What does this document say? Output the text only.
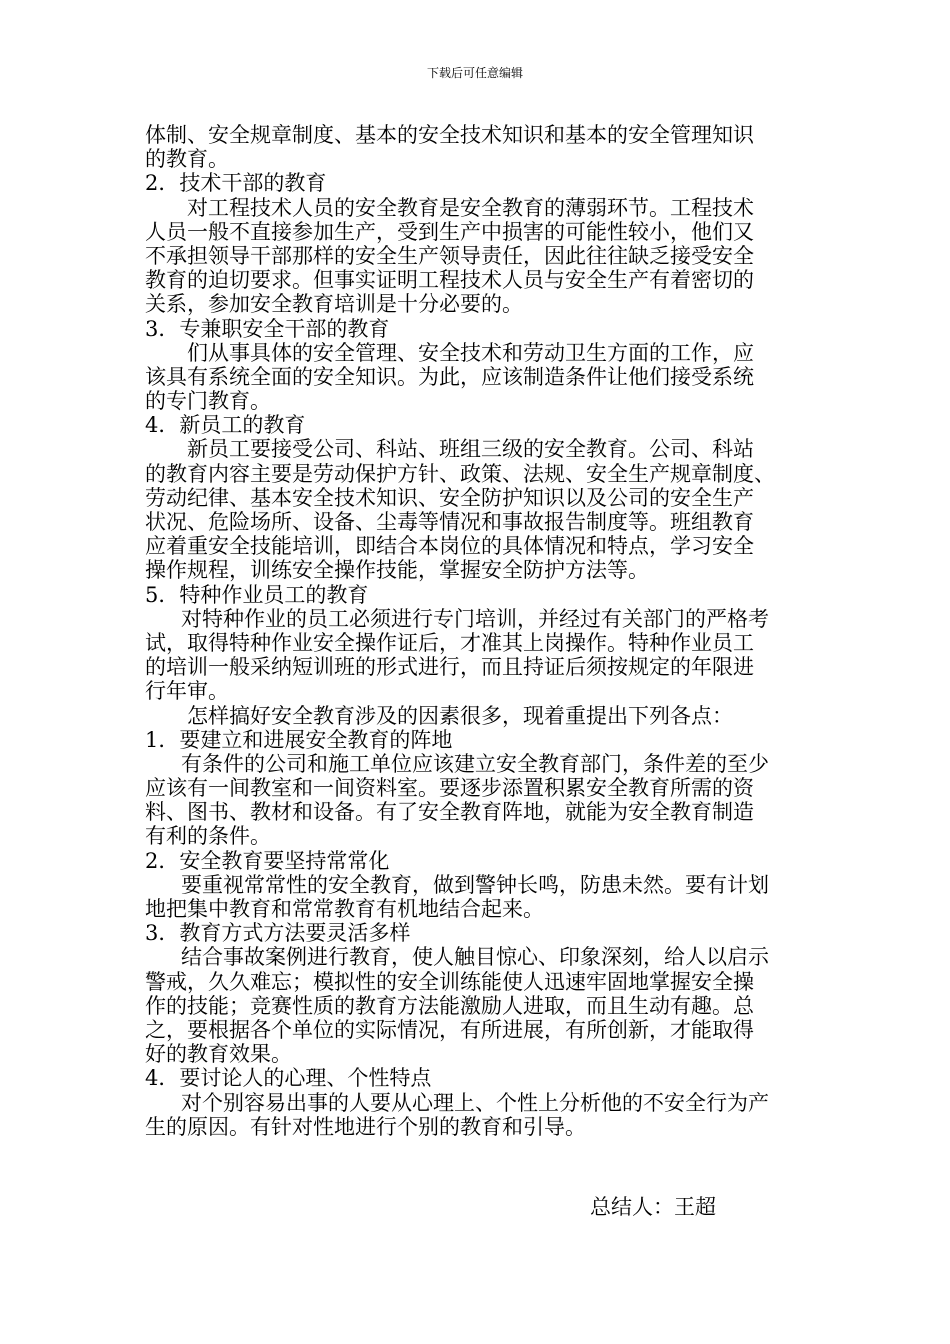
下载后可任意编辑
体制、安全规章制度、基本的安全技术知识和基本的安全管理知识
的教育。
2．技术干部的教育
对工程技术人员的安全教育是安全教育的薄弱环节。工程技术
人员一般不直接参加生产，受到生产中损害的可能性较小，他们又
不承担领导干部那样的安全生产领导责任，因此往往缺乏接受安全
教育的迫切要求。但事实证明工程技术人员与安全生产有着密切的
关系，参加安全教育培训是十分必要的。
3．专兼职安全干部的教育
们从事具体的安全管理、安全技术和劳动卫生方面的工作，应
该具有系统全面的安全知识。为此，应该制造条件让他们接受系统
的专门教育。
4．新员工的教育
新员工要接受公司、科站、班组三级的安全教育。公司、科站
的教育内容主要是劳动保护方针、政策、法规、安全生产规章制度、
劳动纪律、基本安全技术知识、安全防护知识以及公司的安全生产
状况、危险场所、设备、尘毒等情况和事故报告制度等。班组教育
应着重安全技能培训，即结合本岗位的具体情况和特点，学习安全
操作规程，训练安全操作技能，掌握安全防护方法等。
5．特种作业员工的教育
对特种作业的员工必须进行专门培训，并经过有关部门的严格考
试，取得特种作业安全操作证后，才准其上岗操作。特种作业员工
的培训一般采纳短训班的形式进行，而且持证后须按规定的年限进
行年审。
怎样搞好安全教育涉及的因素很多，现着重提出下列各点：
1．要建立和进展安全教育的阵地
有条件的公司和施工单位应该建立安全教育部门，条件差的至少
应该有一间教室和一间资料室。要逐步添置积累安全教育所需的资
料、图书、教材和设备。有了安全教育阵地，就能为安全教育制造
有利的条件。
2．安全教育要坚持常常化
要重视常常性的安全教育，做到警钟长鸣，防患未然。要有计划
地把集中教育和常常教育有机地结合起来。
3．教育方式方法要灵活多样
结合事故案例进行教育，使人触目惊心、印象深刻，给人以启示
警戒，久久难忘；模拟性的安全训练能使人迅速牢固地掌握安全操
作的技能；竞赛性质的教育方法能激励人进取，而且生动有趣。总
之，要根据各个单位的实际情况，有所进展，有所创新，才能取得
好的教育效果。
4．要讨论人的心理、个性特点
对个别容易出事的人要从心理上、个性上分析他的不安全行为产
生的原因。有针对性地进行个别的教育和引导。
总结人：王超
